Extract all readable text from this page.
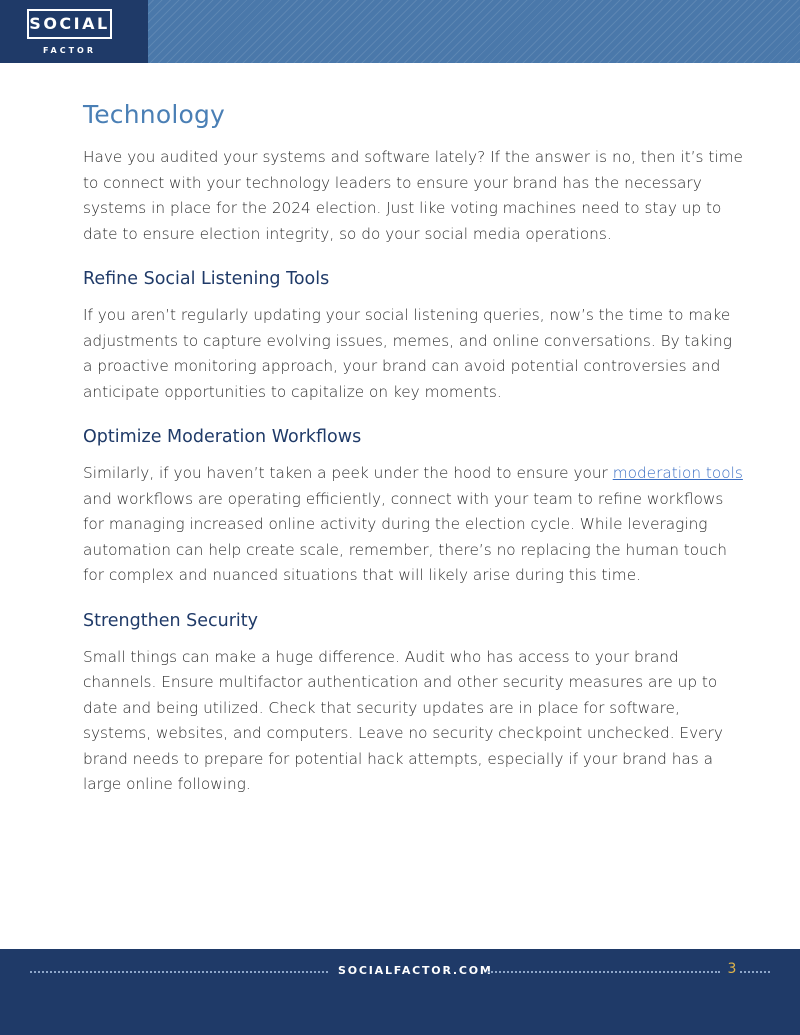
SOCIAL
FACTOR
Technology

Have you audited your systems and software lately? If the answer is no, then it’s time to connect with your technology leaders to ensure your brand has the necessary systems in place for the 2024 election. Just like voting machines need to stay up to date to ensure election integrity, so do your social media operations.

Refine Social Listening Tools

If you aren’t regularly updating your social listening queries, now’s the time to make adjustments to capture evolving issues, memes, and online conversations. By taking a proactive monitoring approach, your brand can avoid potential controversies and anticipate opportunities to capitalize on key moments.

Optimize Moderation Workflows

Similarly, if you haven’t taken a peek under the hood to ensure your moderation tools and workflows are operating efficiently, connect with your team to refine workflows for managing increased online activity during the election cycle. While leveraging automation can help create scale, remember, there’s no replacing the human touch for complex and nuanced situations that will likely arise during this time.

Strengthen Security

Small things can make a huge difference. Audit who has access to your brand channels. Ensure multifactor authentication and other security measures are up to date and being utilized. Check that security updates are in place for software, systems, websites, and computers. Leave no security checkpoint unchecked. Every brand needs to prepare for potential hack attempts, especially if your brand has a large online following.

SOCIALFACTOR.COM	3
